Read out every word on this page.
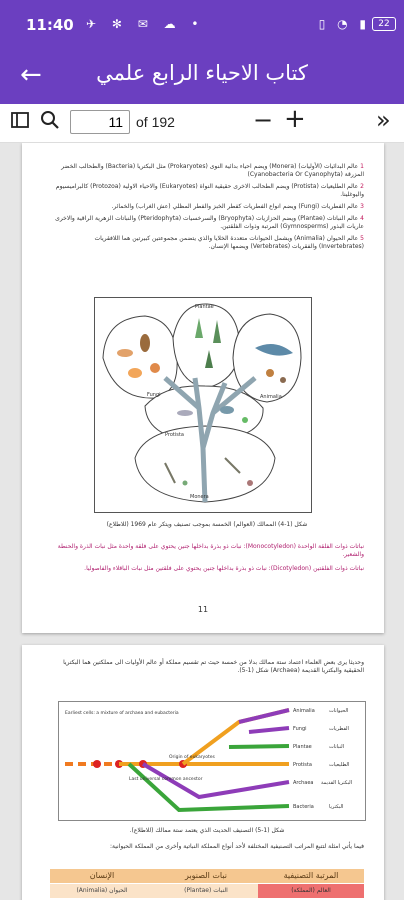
11:40 ✈ ✻ ✉ ☁ •	▯ ◔ ▮ 22
←	كتاب الاحياء الرابع علمي
11
of 192	− +	»
1 عالم البدائيات (الأوليات) (Monera) ويضم احياء بدائية النوى (Prokaryotes) مثل البكتريا (Bacteria) والطحالب الخضر المزرقة (Cyanobacteria Or Cyanophyta)
2 عالم الطليعيات (Protista) ويضم الطحالب الاخرى حقيقية النواة (Eukaryotes) والاحياء الاولية (Protozoa) كالبراميسيوم واليوغلينا.
3 عالم الفطريات (Fungi) ويضم انواع الفطريات كفطر الخبز والفطر المظلي (عش الغراب) والخمائر.
4 عالم النباتات (Plantae) ويضم الحزازيات (Bryophyta) والسرخسيات (Pteridophyta) والنباتات الزهرية الراقية والاخرى عاريات البذور (Gymnosperms) المرتبة وذوات الفلقتين.
5 عالم الحيوان (Animalia) ويشمل الحيوانات متعددة الخلايا والذي يتضمن مجموعتين كبيرتين هما اللافقريات (Invertebrates) والفقريات (Vertebrates) ويضمها الإنسان.
Fungi
Plantae
Animalia
Protista
Monera
شكل (1-4) الممالك (العوالم) الخمسة بموجب تصنيف ويتكر عام 1969 (للاطلاع)
نباتات ذوات الفلقة الواحدة (Monocotyledon): نبات ذو بذرة بداخلها جنين يحتوي على فلقة واحدة مثل نبات الذرة والحنطة والشعير.
نباتات ذوات الفلقتين (Dicotyledon): نبات ذو بذرة بداخلها جنين يحتوي على فلقتين مثل نبات الباقلاء والفاصوليا.
11
وحديثا يرى بعض العلماء اعتماد ستة ممالك بدلا من خمسة حيث تم تقسيم مملكة أو عالم الأوليات الى مملكتين هما البكتريا الحقيقية والبكتريا القديمة (Archaea) شكل (1-5).
Earliest cells: a mixture of archaea and eubacteria
Last universal common ancestor
Origin of eukaryotes
Animalia
Fungi
Plantae
Protista
Archaea
Bacteria
الحيوانات
الفطريات
النباتات
الطليعيات
البكتريا القديمة
البكتريا
شكل (1-5) التصنيف الحديث الذي يعتمد ستة ممالك (للاطلاع).
فيما يأتي امثلة لتتبع المراتب التصنيفية المختلفة لأحد أنواع المملكة النباتية وأخرى من المملكة الحيوانية:
الإنسان	نبات الصنوبر	المرتبة التصنيفية
(Animalia) الحيوان	(Plantae) النبات	العالم (المملكة)
